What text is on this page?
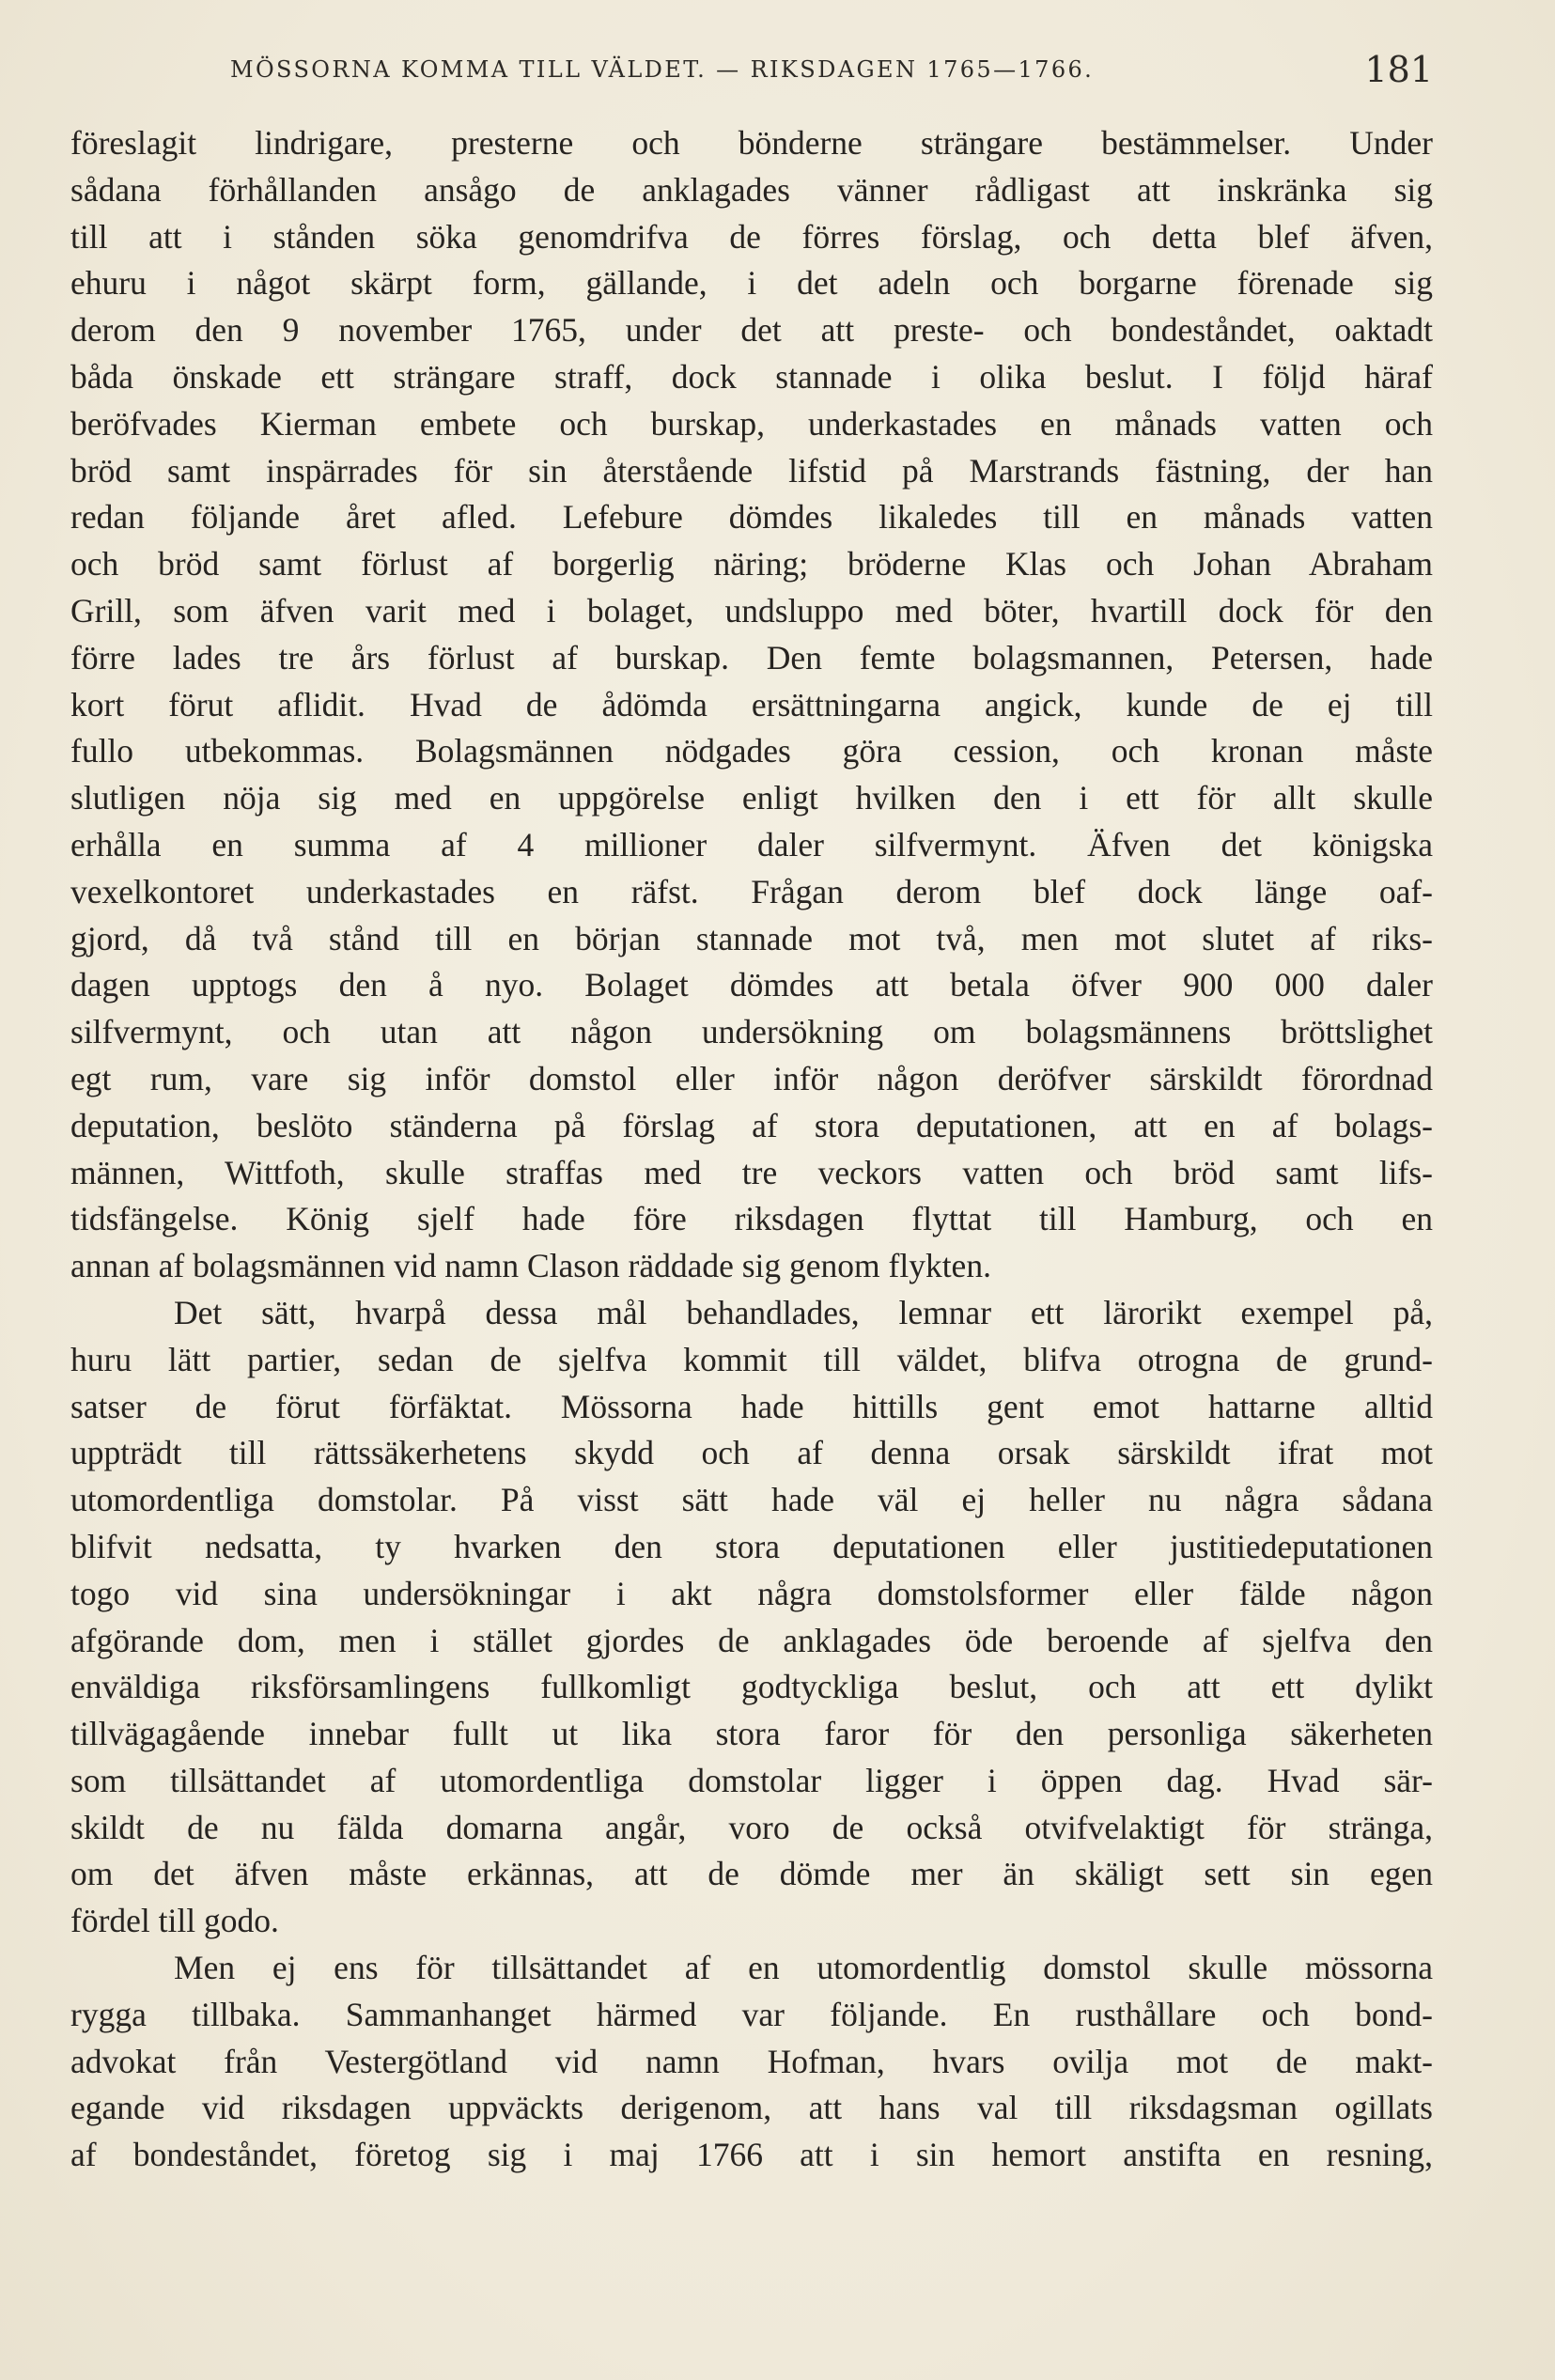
MÖSSORNA KOMMA TILL VÄLDET. — RIKSDAGEN 1765—1766.	181
föreslagit lindrigare, presterne och bönderne strängare bestämmelser. Under
sådana förhållanden ansågo de anklagades vänner rådligast att inskränka sig
till att i stånden söka genomdrifva de förres förslag, och detta blef äfven,
ehuru i något skärpt form, gällande, i det adeln och borgarne förenade sig
derom den 9 november 1765, under det att preste- och bondeståndet, oaktadt
båda önskade ett strängare straff, dock stannade i olika beslut. I följd häraf
beröfvades Kierman embete och burskap, underkastades en månads vatten och
bröd samt inspärrades för sin återstående lifstid på Marstrands fästning, der han
redan följande året afled. Lefebure dömdes likaledes till en månads vatten
och bröd samt förlust af borgerlig näring; bröderne Klas och Johan Abraham
Grill, som äfven varit med i bolaget, undsluppo med böter, hvartill dock för den
förre lades tre års förlust af burskap. Den femte bolagsmannen, Petersen, hade
kort förut aflidit. Hvad de ådömda ersättningarna angick, kunde de ej till
fullo utbekommas. Bolagsmännen nödgades göra cession, och kronan måste
slutligen nöja sig med en uppgörelse enligt hvilken den i ett för allt skulle
erhålla en summa af 4 millioner daler silfvermynt. Äfven det königska
vexelkontoret underkastades en räfst. Frågan derom blef dock länge oaf-
gjord, då två stånd till en början stannade mot två, men mot slutet af riks-
dagen upptogs den å nyo. Bolaget dömdes att betala öfver 900 000 daler
silfvermynt, och utan att någon undersökning om bolagsmännens bröttslighet
egt rum, vare sig inför domstol eller inför någon deröfver särskildt förordnad
deputation, beslöto ständerna på förslag af stora deputationen, att en af bolags-
männen, Wittfoth, skulle straffas med tre veckors vatten och bröd samt lifs-
tidsfängelse. König sjelf hade före riksdagen flyttat till Hamburg, och en
annan af bolagsmännen vid namn Clason räddade sig genom flykten.
Det sätt, hvarpå dessa mål behandlades, lemnar ett lärorikt exempel på,
huru lätt partier, sedan de sjelfva kommit till väldet, blifva otrogna de grund-
satser de förut förfäktat. Mössorna hade hittills gent emot hattarne alltid
uppträdt till rättssäkerhetens skydd och af denna orsak särskildt ifrat mot
utomordentliga domstolar. På visst sätt hade väl ej heller nu några sådana
blifvit nedsatta, ty hvarken den stora deputationen eller justitiedeputationen
togo vid sina undersökningar i akt några domstolsformer eller fälde någon
afgörande dom, men i stället gjordes de anklagades öde beroende af sjelfva den
enväldiga riksförsamlingens fullkomligt godtyckliga beslut, och att ett dylikt
tillvägagående innebar fullt ut lika stora faror för den personliga säkerheten
som tillsättandet af utomordentliga domstolar ligger i öppen dag. Hvad sär-
skildt de nu fälda domarna angår, voro de också otvifvelaktigt för stränga,
om det äfven måste erkännas, att de dömde mer än skäligt sett sin egen
fördel till godo.
Men ej ens för tillsättandet af en utomordentlig domstol skulle mössorna
rygga tillbaka. Sammanhanget härmed var följande. En rusthållare och bond-
advokat från Vestergötland vid namn Hofman, hvars ovilja mot de makt-
egande vid riksdagen uppväckts derigenom, att hans val till riksdagsman ogillats
af bondeståndet, företog sig i maj 1766 att i sin hemort anstifta en resning,
